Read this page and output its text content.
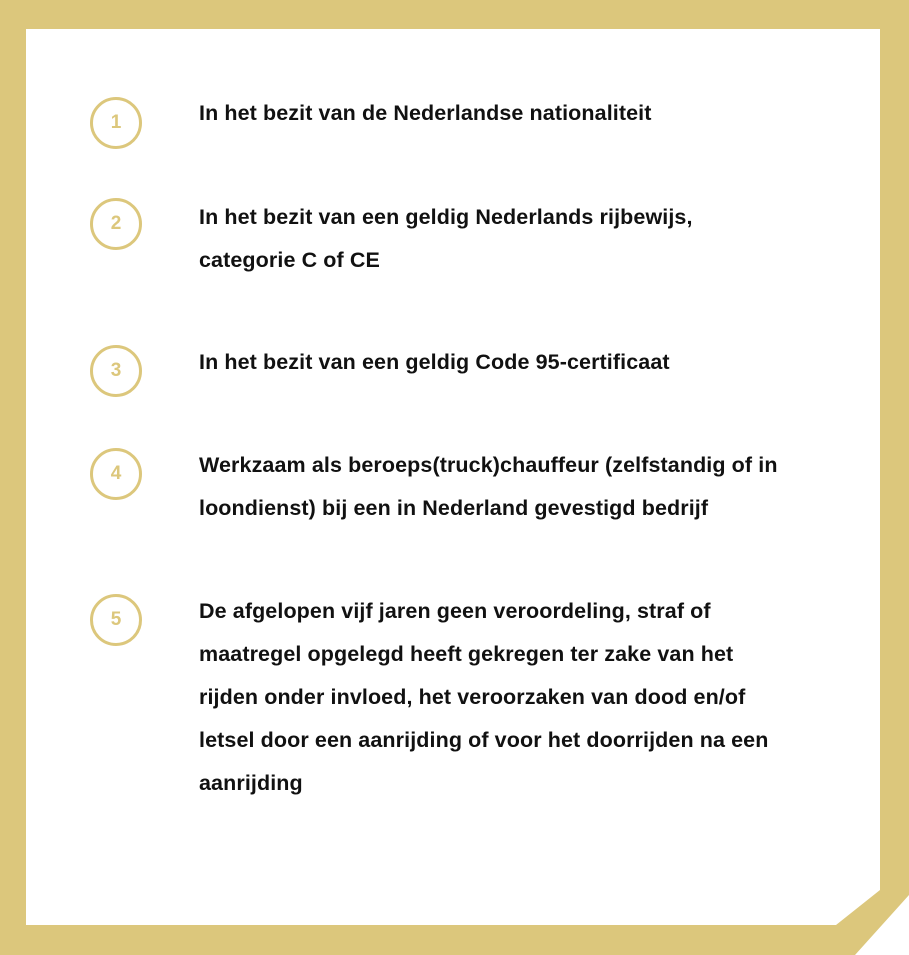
1	In het bezit van de Nederlandse nationaliteit
2	In het bezit van een geldig Nederlands rijbewijs,
categorie C of CE
3	In het bezit van een geldig Code 95-certificaat
4	Werkzaam als beroeps(truck)chauffeur (zelfstandig of in
loondienst) bij een in Nederland gevestigd bedrijf
5	De afgelopen vijf jaren geen veroordeling, straf of
maatregel opgelegd heeft gekregen ter zake van het
rijden onder invloed, het veroorzaken van dood en/of
letsel door een aanrijding of voor het doorrijden na een
aanrijding
